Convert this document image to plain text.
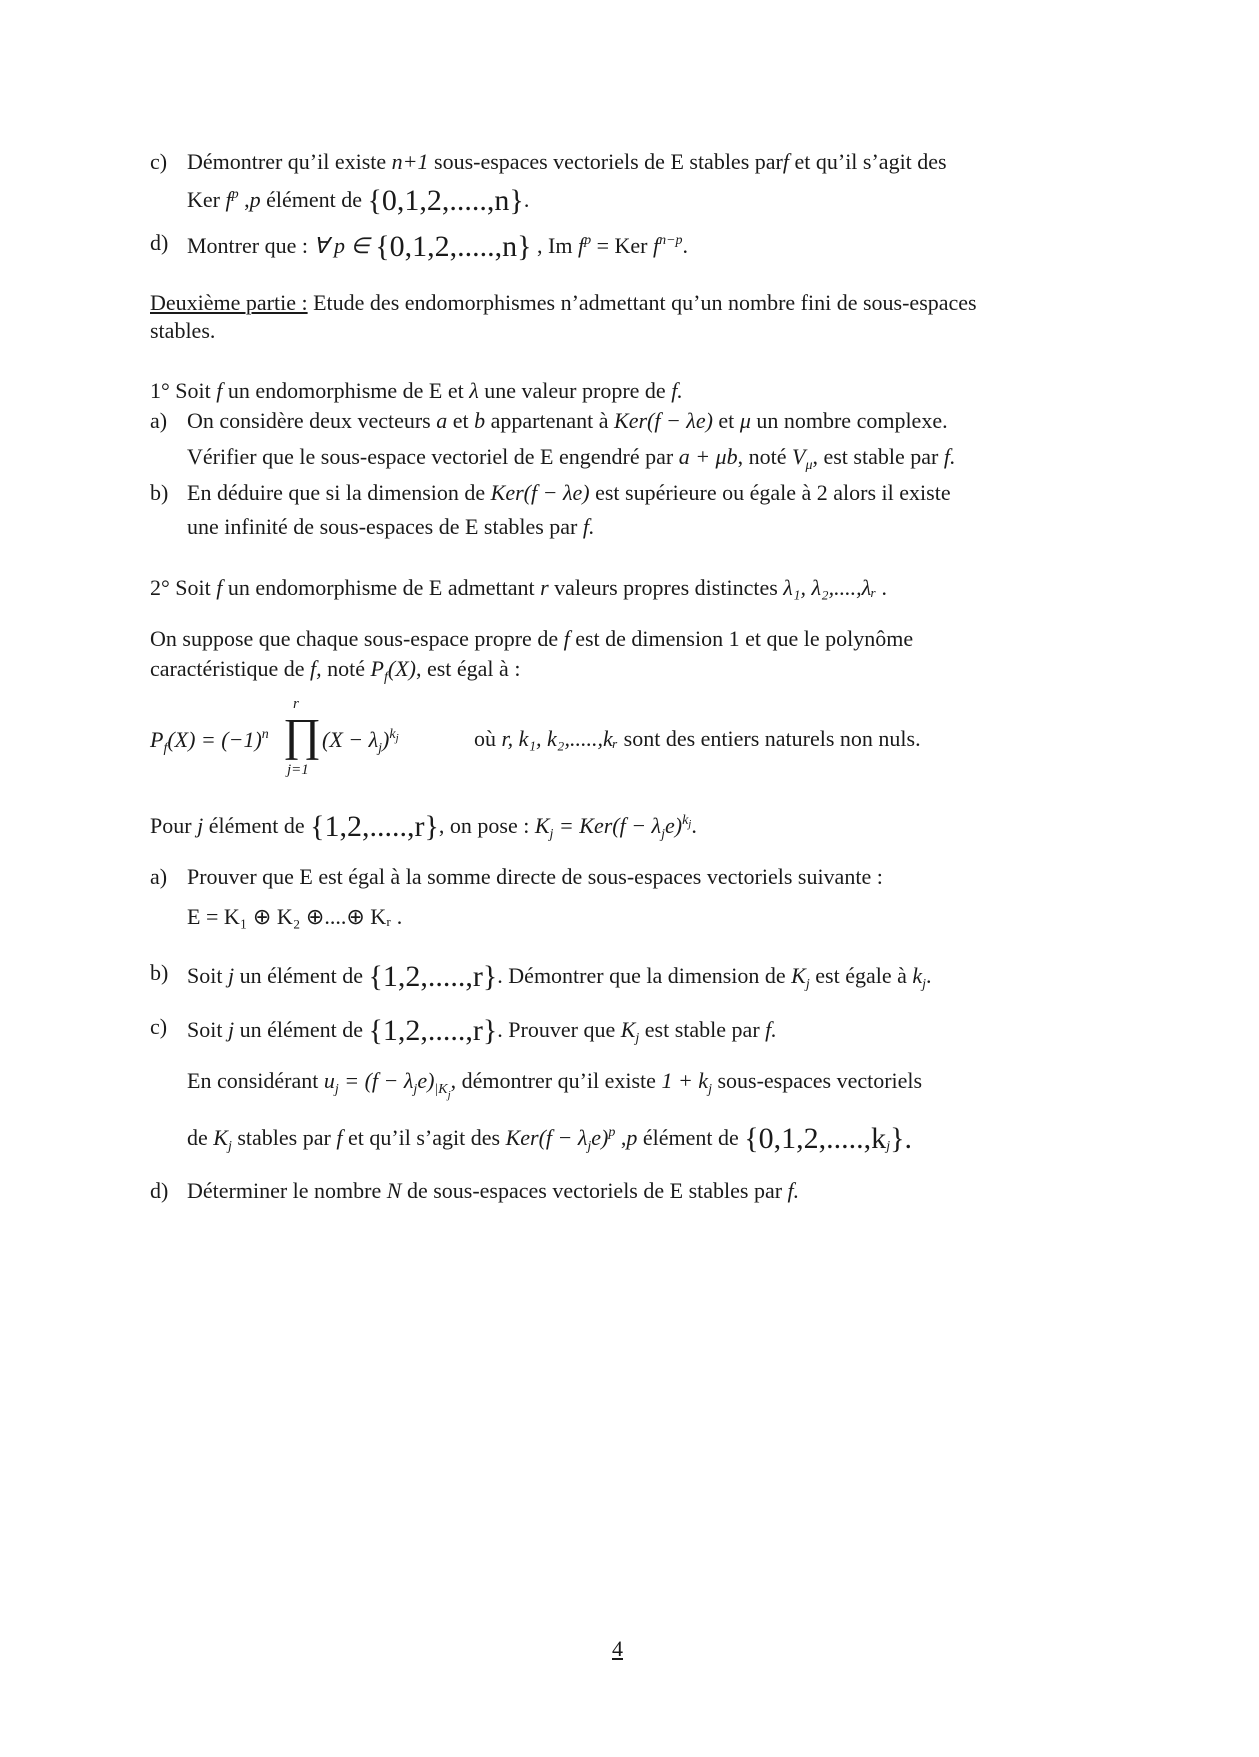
c) Démontrer qu’il existe n+1 sous-espaces vectoriels de E stables parf et qu’il s’agit des
Ker $f^p$ ,p élément de {0,1,2,.....,n}.
d) Montrer que : ∀ p ∈ {0,1,2,.....,n} , Im $f^p$ = Ker $f^{n-p}$.
Deuxième partie : Etude des endomorphismes n’admettant qu’un nombre fini de sous-espaces
stables.
1° Soit f un endomorphisme de E et λ une valeur propre de f.
a) On considère deux vecteurs a et b appartenant à Ker(f − λe) et μ un nombre complexe.
Vérifier que le sous-espace vectoriel de E engendré par a + μb, noté $V_\mu$, est stable par f.
b) En déduire que si la dimension de Ker(f − λe) est supérieure ou égale à 2 alors il existe
une infinité de sous-espaces de E stables par f.
2° Soit f un endomorphisme de E admettant r valeurs propres distinctes λ₁, λ₂,....,λᵣ .
On suppose que chaque sous-espace propre de f est de dimension 1 et que le polynôme
caractéristique de f, noté $P_f(X)$, est égal à :
$P_f(X) = (-1)^n$ ∏
r
j=1
$(X - \lambda_j)^{kj}$	où r, k₁, k₂,.....,kᵣ sont des entiers naturels non nuls.
Pour j élément de {1,2,.....,r}, on pose : $K_j = Ker(f - \lambda_je)^{kj}$.
a) Prouver que E est égal à la somme directe de sous-espaces vectoriels suivante :
E = K₁ ⊕ K₂ ⊕....⊕ Kᵣ .
b) Soit j un élément de {1,2,.....,r}. Démontrer que la dimension de $K_j$ est égale à $k_j$.
c) Soit j un élément de {1,2,.....,r}. Prouver que $K_j$ est stable par f.
En considérant $u_j = (f - \lambda_je)_{|Kj}$, démontrer qu’il existe $1 + k_j$ sous-espaces vectoriels
de $K_j$ stables par f et qu’il s’agit des $Ker(f - \lambda_je)^p$ ,p élément de $\{0,1,2,.....,k_j\}$.
d) Déterminer le nombre N de sous-espaces vectoriels de E stables par f.
4
